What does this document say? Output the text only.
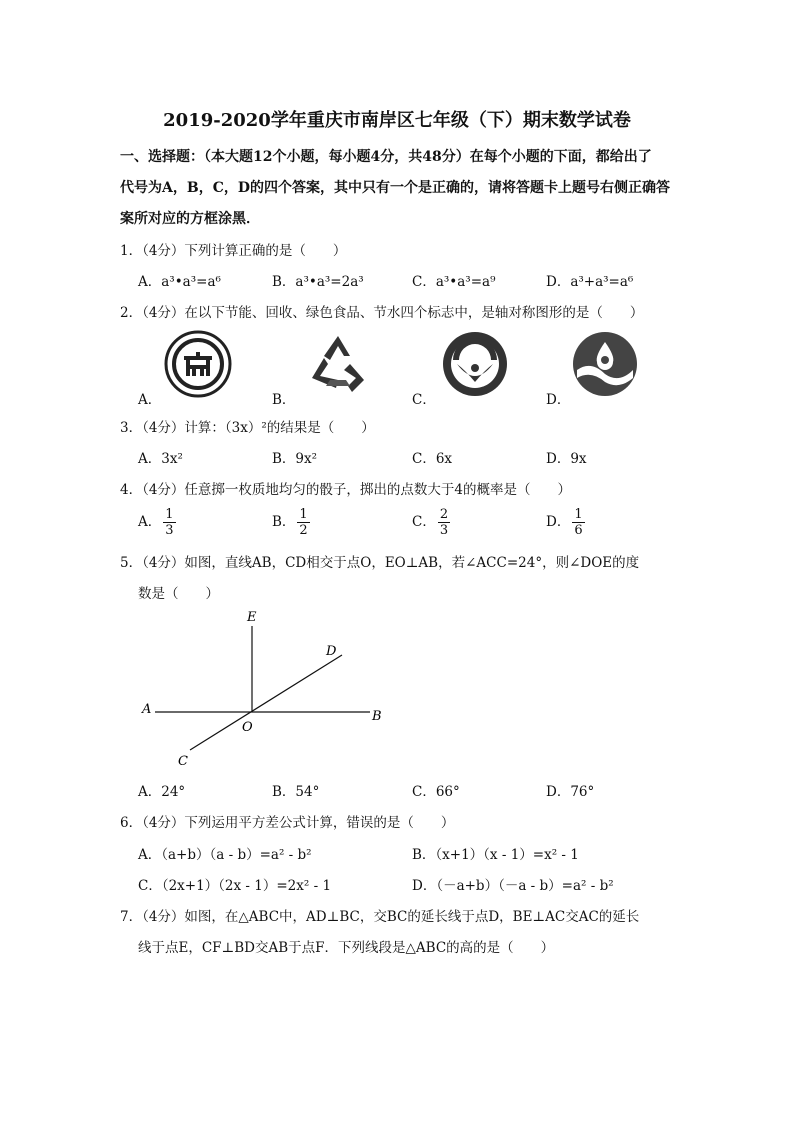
2019-2020学年重庆市南岸区七年级（下）期末数学试卷
一、选择题：（本大题12个小题，每小题4分，共48分）在每个小题的下面，都给出了
代号为A，B，C，D的四个答案，其中只有一个是正确的，请将答题卡上题号右侧正确答
案所对应的方框涂黑．
1．（4分）下列计算正确的是（　　）
A．a³•a³=a⁶	B．a³•a³=2a³	C．a³•a³=a⁹	D．a³+a³=a⁶
2．（4分）在以下节能、回收、绿色食品、节水四个标志中，是轴对称图形的是（　　）
A．	B．	C．	D．
3．（4分）计算：（3x）²的结果是（　　）
A．3x²	B．9x²	C．6x	D．9x
4．（4分）任意掷一枚质地均匀的骰子，掷出的点数大于4的概率是（　　）
A． $\frac{1}{3}$	B． $\frac{1}{2}$	C． $\frac{2}{3}$	D． $\frac{1}{6}$
5．（4分）如图，直线AB，CD相交于点O，EO⊥AB，若∠ACC=24°，则∠DOE的度
数是（　　）
E
D
A	B
O
C
A．24°	B．54°	C．66°	D．76°
6．（4分）下列运用平方差公式计算，错误的是（　　）
A．（a+b）（a - b）=a² - b²	B．（x+1）（x - 1）=x² - 1
C．（2x+1）（2x - 1）=2x² - 1	D．（－a+b）（－a - b）=a² - b²
7．（4分）如图，在△ABC中，AD⊥BC，交BC的延长线于点D，BE⊥AC交AC的延长
线于点E，CF⊥BD交AB于点F．下列线段是△ABC的高的是（　　）
